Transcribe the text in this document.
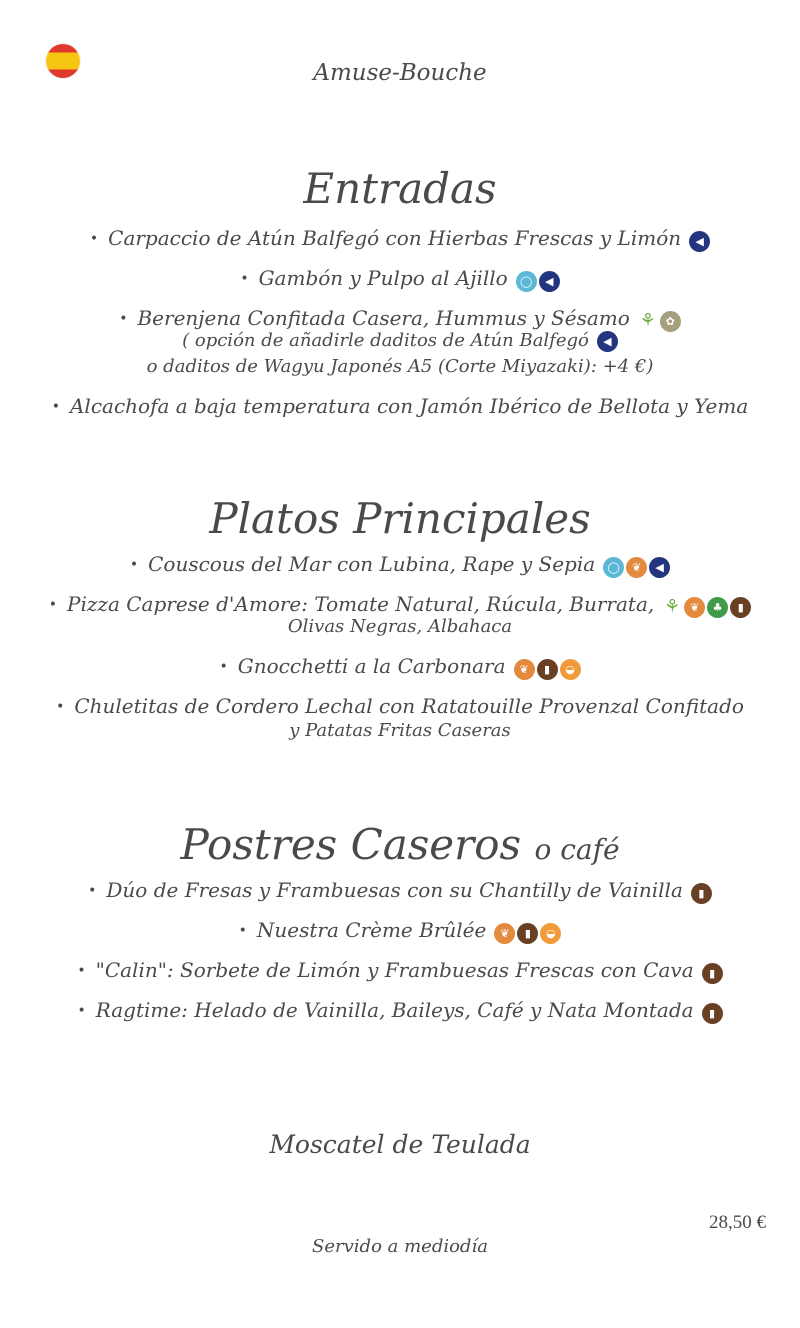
Amuse-Bouche
Entradas
• Carpaccio de Atún Balfegó con Hierbas Frescas y Limón ◀
• Gambón y Pulpo al Ajillo ◯ ◀
• Berenjena Confitada Casera, Hummus y Sésamo ⚘ ✿
( opción de añadirle daditos de Atún Balfegó ◀
o daditos de Wagyu Japonés A5 (Corte Miyazaki): +4 €)
• Alcachofa a baja temperatura con Jamón Ibérico de Bellota y Yema
Platos Principales
• Couscous del Mar con Lubina, Rape y Sepia ◯ ❦ ◀
• Pizza Caprese d'Amore: Tomate Natural, Rúcula, Burrata, ⚘ ❦ ♣ ▮
Olivas Negras, Albahaca
• Gnocchetti a la Carbonara ❦ ▮ ◒
• Chuletitas de Cordero Lechal con Ratatouille Provenzal Confitado
y Patatas Fritas Caseras
Postres Caseros o café
• Dúo de Fresas y Frambuesas con su Chantilly de Vainilla ▮
• Nuestra Crème Brûlée ❦ ▮ ◒
• "Calin": Sorbete de Limón y Frambuesas Frescas con Cava ▮
• Ragtime: Helado de Vainilla, Baileys, Café y Nata Montada ▮
Moscatel de Teulada
28,50 €
Servido a mediodía
